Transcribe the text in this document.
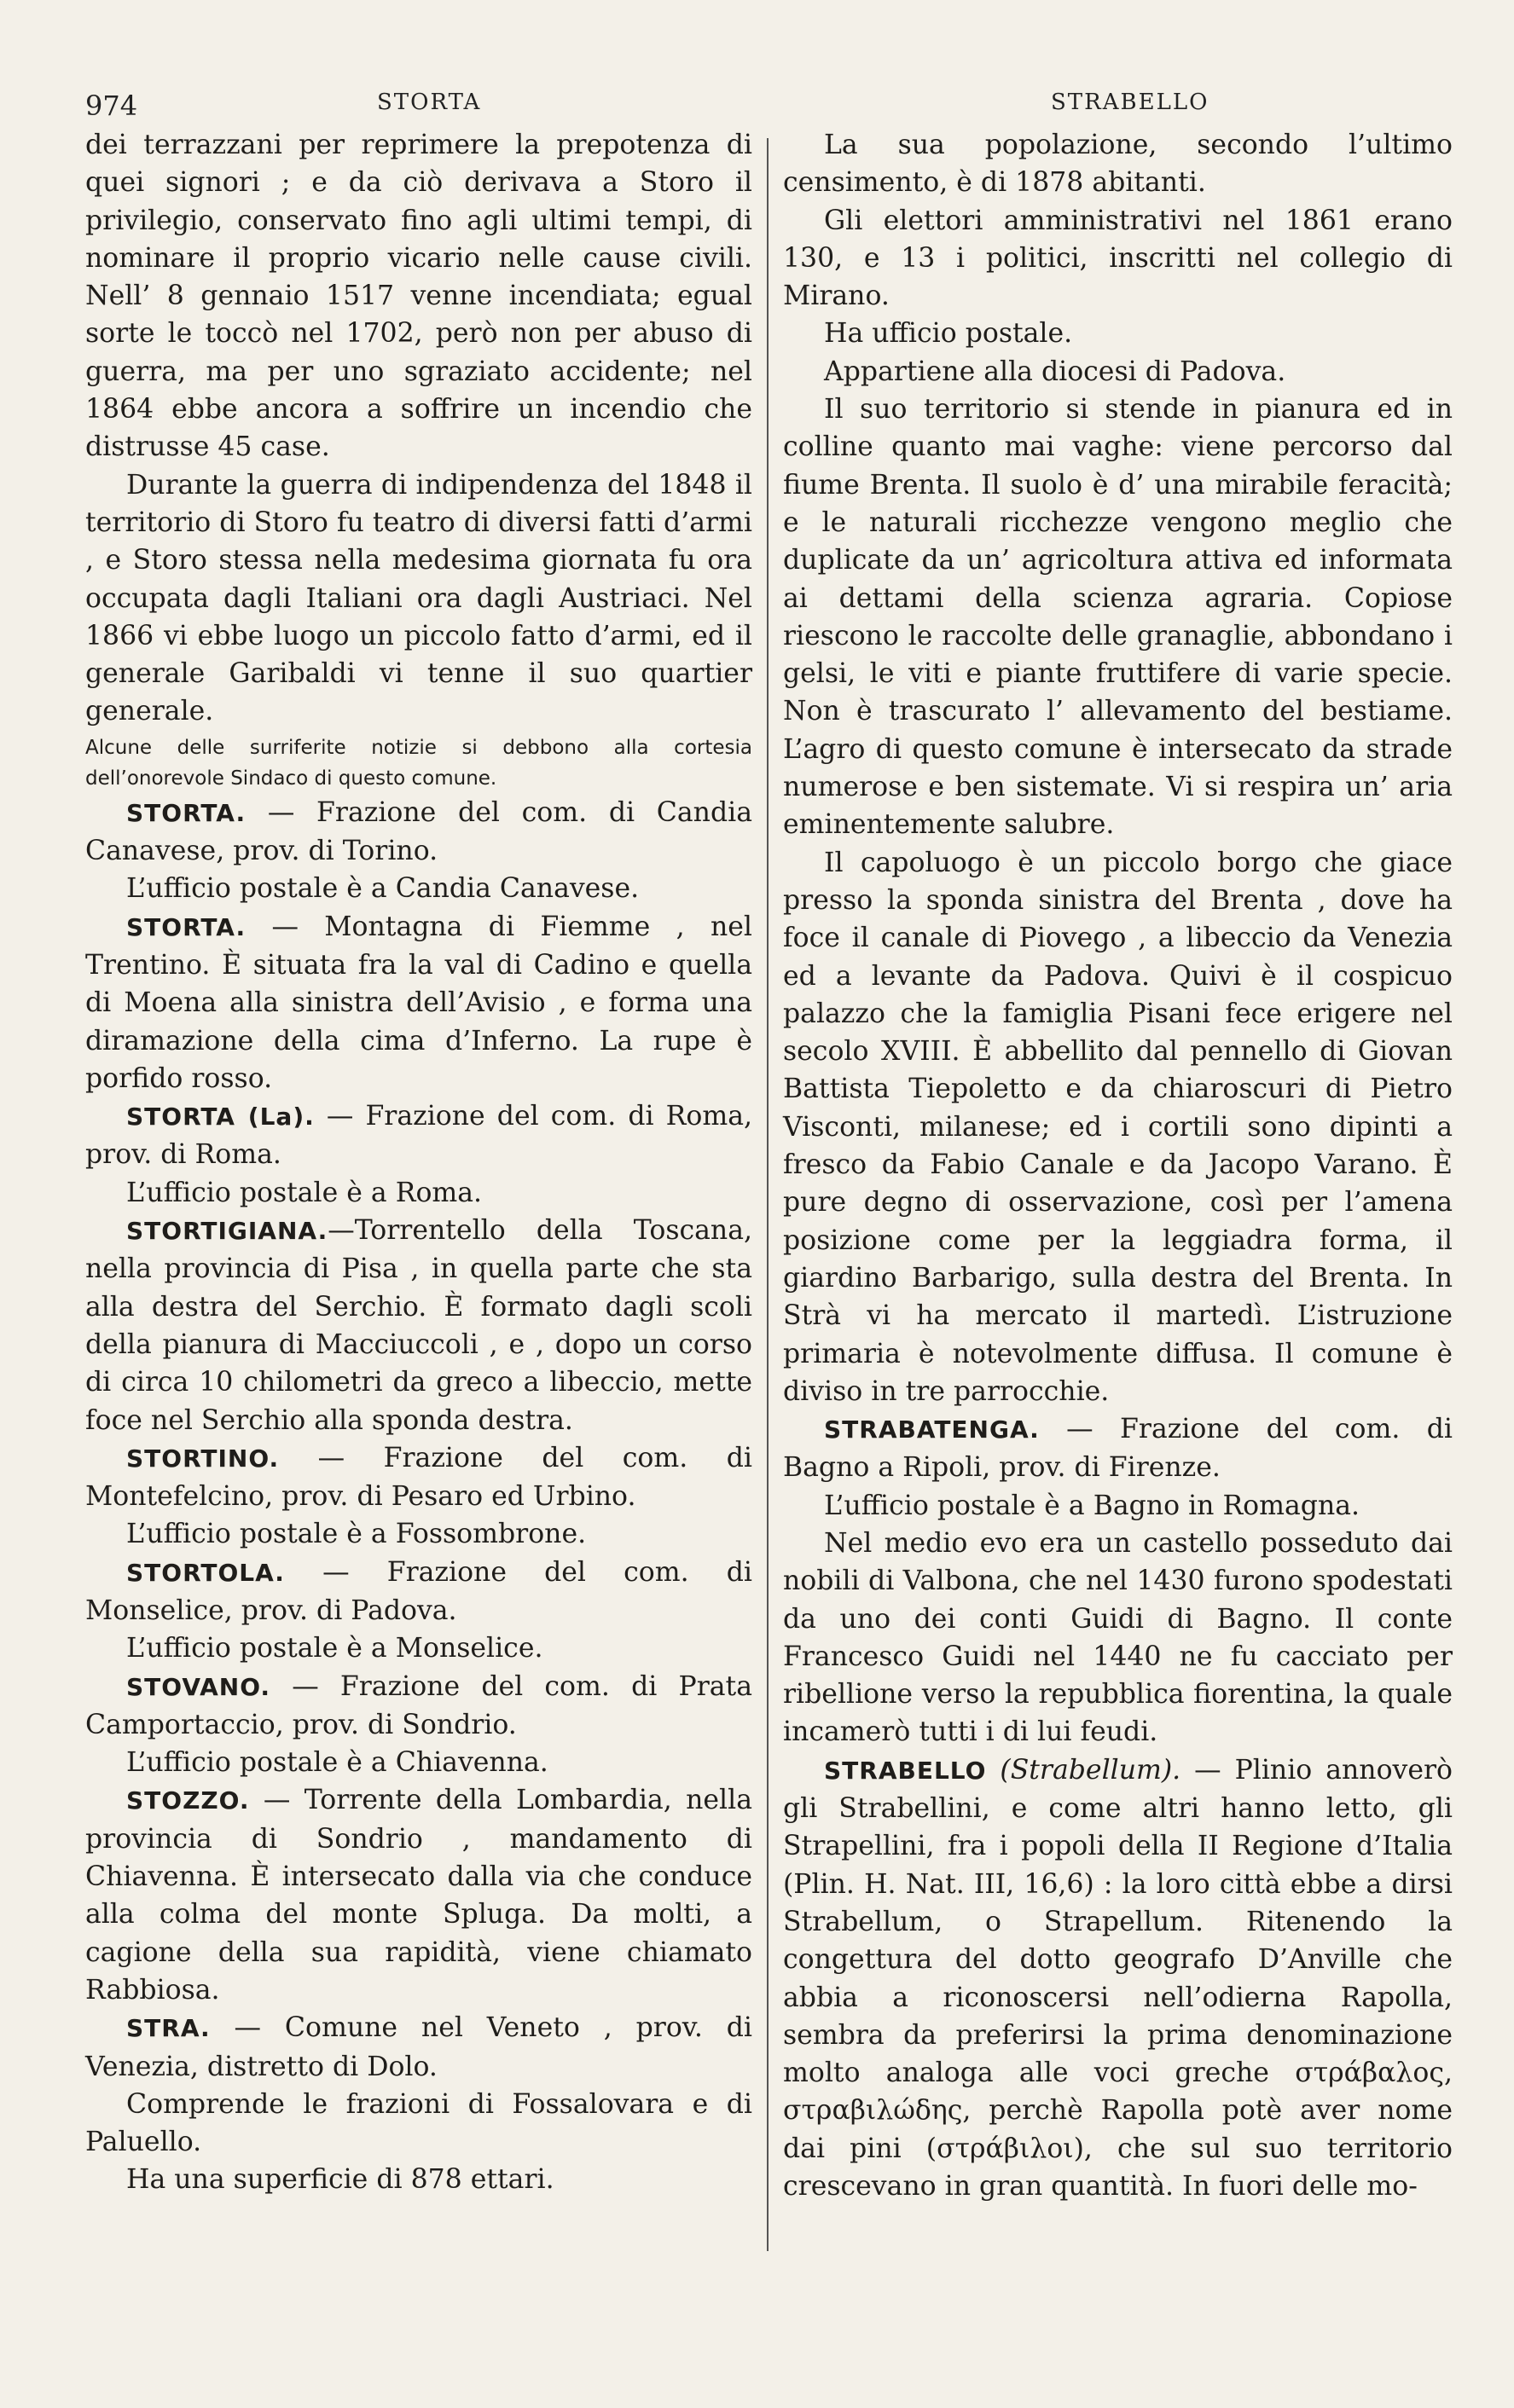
974	STORTA	STRABELLO

dei terrazzani per reprimere la prepotenza di quei signori ; e da ciò derivava a Storo il privilegio, conservato fino agli ultimi tempi, di nominare il proprio vicario nelle cause civili. Nell’ 8 gennaio 1517 venne incendiata; egual sorte le toccò nel 1702, però non per abuso di guerra, ma per uno sgraziato accidente; nel 1864 ebbe ancora a soffrire un incendio che distrusse 45 case.

Durante la guerra di indipendenza del 1848 il territorio di Storo fu teatro di diversi fatti d’armi , e Storo stessa nella medesima giornata fu ora occupata dagli Italiani ora dagli Austriaci. Nel 1866 vi ebbe luogo un piccolo fatto d’armi, ed il generale Garibaldi vi tenne il suo quartier generale.

Alcune delle surriferite notizie si debbono alla cortesia dell’onorevole Sindaco di questo comune.

STORTA. — Frazione del com. di Candia Canavese, prov. di Torino.

L’ufficio postale è a Candia Canavese.

STORTA. — Montagna di Fiemme , nel Trentino. È situata fra la val di Cadino e quella di Moena alla sinistra dell’Avisio , e forma una diramazione della cima d’Inferno. La rupe è porfido rosso.

STORTA (La). — Frazione del com. di Roma, prov. di Roma.

L’ufficio postale è a Roma.

STORTIGIANA.—Torrentello della Toscana, nella provincia di Pisa , in quella parte che sta alla destra del Serchio. È formato dagli scoli della pianura di Macciuccoli , e , dopo un corso di circa 10 chilometri da greco a libeccio, mette foce nel Serchio alla sponda destra.

STORTINO. — Frazione del com. di Montefelcino, prov. di Pesaro ed Urbino.

L’ufficio postale è a Fossombrone.

STORTOLA. — Frazione del com. di Monselice, prov. di Padova.

L’ufficio postale è a Monselice.

STOVANO. — Frazione del com. di Prata Camportaccio, prov. di Sondrio.

L’ufficio postale è a Chiavenna.

STOZZO. — Torrente della Lombardia, nella provincia di Sondrio , mandamento di Chiavenna. È intersecato dalla via che conduce alla colma del monte Spluga. Da molti, a cagione della sua rapidità, viene chiamato Rabbiosa.

STRA. — Comune nel Veneto , prov. di Venezia, distretto di Dolo.

Comprende le frazioni di Fossalovara e di Paluello.

Ha una superficie di 878 ettari.

La sua popolazione, secondo l’ultimo censimento, è di 1878 abitanti.

Gli elettori amministrativi nel 1861 erano 130, e 13 i politici, inscritti nel collegio di Mirano.

Ha ufficio postale.

Appartiene alla diocesi di Padova.

Il suo territorio si stende in pianura ed in colline quanto mai vaghe: viene percorso dal fiume Brenta. Il suolo è d’ una mirabile feracità; e le naturali ricchezze vengono meglio che duplicate da un’ agricoltura attiva ed informata ai dettami della scienza agraria. Copiose riescono le raccolte delle granaglie, abbondano i gelsi, le viti e piante fruttifere di varie specie. Non è trascurato l’ allevamento del bestiame. L’agro di questo comune è intersecato da strade numerose e ben sistemate. Vi si respira un’ aria eminentemente salubre.

Il capoluogo è un piccolo borgo che giace presso la sponda sinistra del Brenta , dove ha foce il canale di Piovego , a libeccio da Venezia ed a levante da Padova. Quivi è il cospicuo palazzo che la famiglia Pisani fece erigere nel secolo XVIII. È abbellito dal pennello di Giovan Battista Tiepoletto e da chiaroscuri di Pietro Visconti, milanese; ed i cortili sono dipinti a fresco da Fabio Canale e da Jacopo Varano. È pure degno di osservazione, così per l’amena posizione come per la leggiadra forma, il giardino Barbarigo, sulla destra del Brenta. In Strà vi ha mercato il martedì. L’istruzione primaria è notevolmente diffusa. Il comune è diviso in tre parrocchie.

STRABATENGA. — Frazione del com. di Bagno a Ripoli, prov. di Firenze.

L’ufficio postale è a Bagno in Romagna.

Nel medio evo era un castello posseduto dai nobili di Valbona, che nel 1430 furono spodestati da uno dei conti Guidi di Bagno. Il conte Francesco Guidi nel 1440 ne fu cacciato per ribellione verso la repubblica fiorentina, la quale incamerò tutti i di lui feudi.

STRABELLO (Strabellum). — Plinio annoverò gli Strabellini, e come altri hanno letto, gli Strapellini, fra i popoli della II Regione d’Italia (Plin. H. Nat. III, 16,6) : la loro città ebbe a dirsi Strabellum, o Strapellum. Ritenendo la congettura del dotto geografo D’Anville che abbia a riconoscersi nell’odierna Rapolla, sembra da preferirsi la prima denominazione molto analoga alle voci greche στράβαλος, στραβιλώδης, perchè Rapolla potè aver nome dai pini (στράβιλοι), che sul suo territorio crescevano in gran quantità. In fuori delle mo-
